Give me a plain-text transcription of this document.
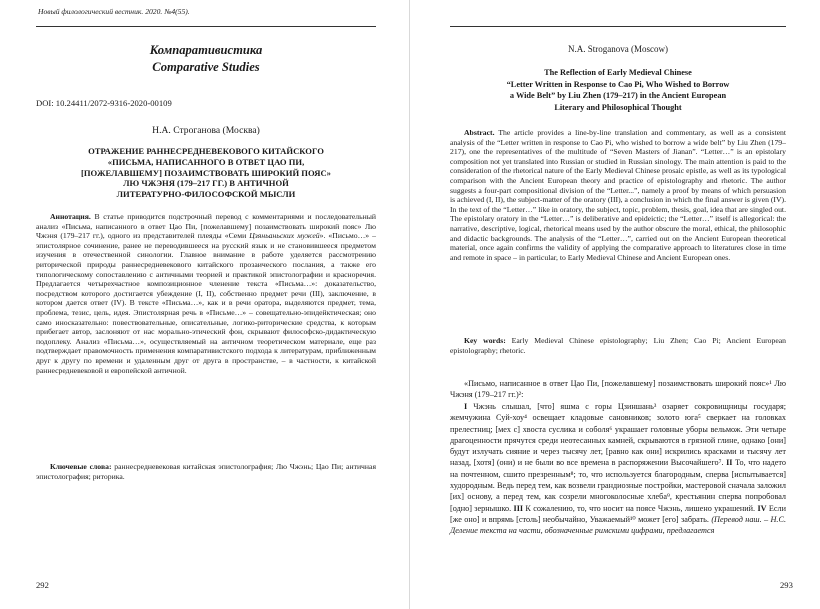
Новый филологический вестник. 2020. №4(55).
Компаративистика
Comparative Studies
DOI: 10.24411/2072-9316-2020-00109
Н.А. Строганова (Москва)
ОТРАЖЕНИЕ РАННЕСРЕДНЕВЕКОВОГО КИТАЙСКОГО
«ПИСЬМА, НАПИСАННОГО В ОТВЕТ ЦАО ПИ,
[ПОЖЕЛАВШЕМУ] ПОЗАИМСТВОВАТЬ ШИРОКИЙ ПОЯС»
ЛЮ ЧЖЭНЯ (179–217 ГГ.) В АНТИЧНОЙ
ЛИТЕРАТУРНО-ФИЛОСОФСКОЙ МЫСЛИ

Аннотация. В статье приводится подстрочный перевод с комментариями и последовательный анализ «Письма, написанного в ответ Цао Пи, [пожелавшему] позаимствовать широкий пояс» Лю Чжэня (179–217 гг.), одного из представителей плеяды «Семи Цзяньаньских мужей». «Письмо…» – эпистолярное сочинение, ранее не переводившееся на русский язык и не становившееся предметом изучения в отечественной синологии. Главное внимание в работе уделяется рассмотрению риторической природы раннесредневекового китайского прозаического послания, а также его типологическому сопоставлению с античными теорией и практикой эпистолографии и красноречия. Предлагается четырехчастное композиционное членение текста «Письма…»: доказательство, посредством которого достигается убеждение (I, II), собственно предмет речи (III), заключение, в котором дается ответ (IV). В тексте «Письма…», как и в речи оратора, выделяются предмет, тема, проблема, тезис, цель, идея. Эпистолярная речь в «Письме…» – совещательно-эпидейктическая; оно само иносказательно: повествовательные, описательные, логико-риторические средства, к которым прибегает автор, заслоняют от нас морально-этический фон, скрывают философско-дидактическую подоплеку. Анализ «Письма…», осуществляемый на античном теоретическом материале, еще раз подтверждает правомочность применения компаративистского подхода к литературам, приближенным друг к другу по времени и удаленным друг от друга в пространстве, – в частности, к китайской раннесредневековой и европейской античной.

Ключевые слова: раннесредневековая китайская эпистолография; Лю Чжэнь; Цао Пи; античная эпистолография; риторика.

292
N.A. Stroganova (Moscow)
The Reflection of Early Medieval Chinese
“Letter Written in Response to Cao Pi, Who Wished to Borrow
a Wide Belt” by Liu Zhen (179–217) in the Ancient European
Literary and Philosophical Thought

Abstract. The article provides a line-by-line translation and commentary, as well as a consistent analysis of the “Letter written in response to Cao Pi, who wished to borrow a wide belt” by Liu Zhen (179–217), one the representatives of the multitude of “Seven Masters of Jianan”. “Letter…” is an epistolary composition not yet translated into Russian or studied in Russian sinology. The main attention is paid to the consideration of the rhetorical nature of the Early Medieval Chinese prosaic epistle, as well as its typological comparison with the Ancient European theory and practice of epistolography and rhetoric. The author suggests a four-part compositional division of the “Letter...”, namely a proof by means of which persuasion is achieved (I, II), the subject-matter of the oratory (III), a conclusion in which the final answer is given (IV). In the text of the “Letter…” like in oratory, the subject, topic, problem, thesis, goal, idea that are singled out. The epistolary oratory in the “Letter…” is deliberative and epideictic; the “Letter…” itself is allegorical: the narrative, descriptive, logical, rhetorical means used by the author obscure the moral, ethical, the philosophic and didactic backgrounds. The analysis of the “Letter…”, carried out on the Ancient European theoretical material, once again confirms the validity of applying the comparative approach to literatures close in time and remote in space – in particular, to Early Medieval Chinese and Ancient European ones.

Key words: Early Medieval Chinese epistolography; Liu Zhen; Cao Pi; Ancient European epistolography; rhetoric.

«Письмо, написанное в ответ Цао Пи, [пожелавшему] позаимствовать широкий пояс»¹ Лю Чжэня (179–217 гг.)²:

I Чжэнь слышал, [что] яшма с горы Цзиншань³ озаряет сокровищницы государя; жемчужина Суй-хоу⁴ освещает кладовые сановников; золото юга⁵ сверкает на головках прелестниц; [мех с] хвоста суслика и соболя⁶ украшает головные уборы вельмож. Эти четыре драгоценности прячутся среди неотесанных камней, скрываются в грязной глине, однако [они] будут излучать сияние и через тысячу лет, [равно как они] искрились красками и тысячу лет назад, [хотя] (они) и не были во все времена в распоряжении Высочайшего⁷. II То, что надето на почтенном, сшито презренным⁸; то, что используется благородным, сперва [испытывается] худородным. Ведь перед тем, как возвели грандиозные постройки, мастеровой сначала заложил [их] основу, а перед тем, как созрели многоколосные хлеба⁹, крестьянин сперва попробовал [одно] зернышко. III К сожалению, то, что носит на поясе Чжэнь, лишено украшений. IV Если [же оно] и впрямь [столь] необычайно, Уважаемый¹⁰ может [его] забрать. (Перевод наш. – Н.С. Деление текста на части, обозначенные римскими цифрами, предлагается

293
